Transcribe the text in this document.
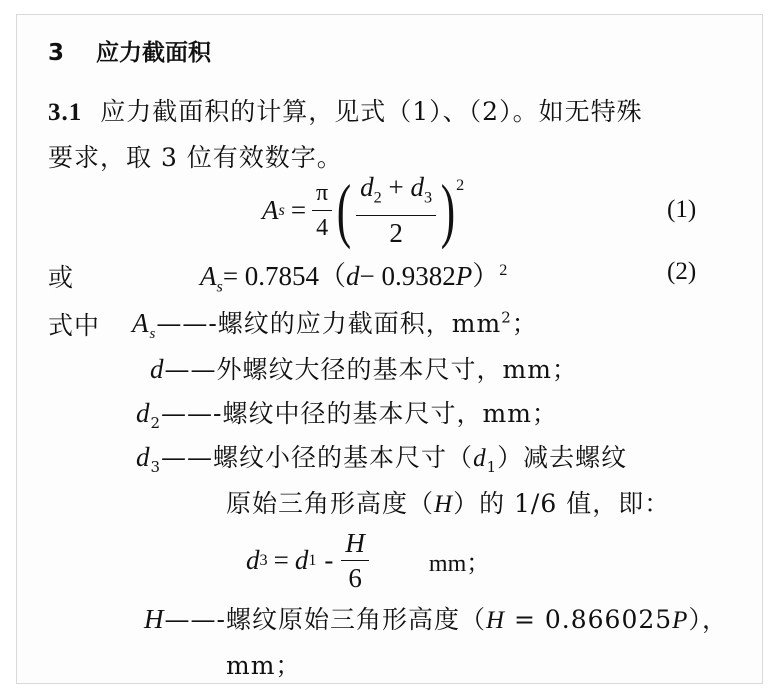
3 应力截面积
3.1 应力截面积的计算，见式（1）、（2）。如无特殊
要求，取 3 位有效数字。
A $s = \frac{\pi}{4}$ ( $\frac{d_2 + d_3}{2} )^2$
(1)
或	$A_s= 0.7854(d- 0.9382P)^2$	(2)
式中 $A_s——-$螺纹的应力截面积，$mm^2$；
d——外螺纹大径的基本尺寸，mm；
$d_2——-$螺纹中径的基本尺寸，mm；
$d_3——$螺纹小径的基本尺寸$(d_1)$减去螺纹
原始三角形高度（H）的 1/6 值，即：
d 3 = d $1 - \frac{H}{6}$	mm；
H——-螺纹原始三角形高度（H = 0.866025P），
mm；
